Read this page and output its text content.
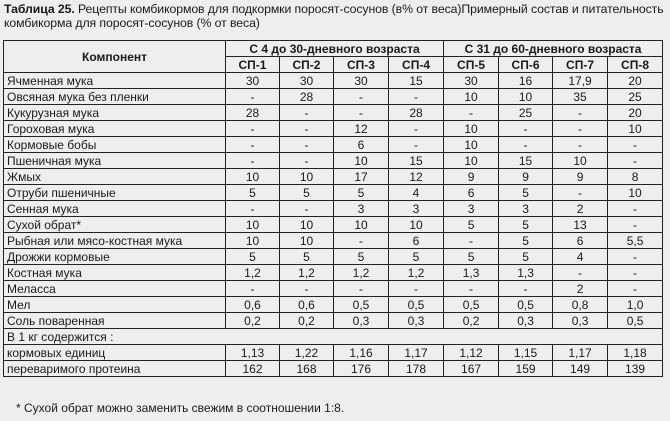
Таблица 25. Рецепты комбикормов для подкормки поросят-сосунов (в% от веса)Примерный состав и питательность комбикорма для поросят-сосунов (% от веса)
Компонент	С 4 до 30-дневного возраста				С 31 до 60-дневного возраста			
	СП-1	СП-2	СП-3	СП-4	СП-5	СП-6	СП-7	СП-8
Ячменная мука	30	30	30	15	30	16	17,9	20
Овсяная мука без пленки	-	28	-	-	10	10	35	25
Кукурузная мука	28	-	-	28	-	25	-	20
Гороховая мука	-	-	12	-	10	-	-	10
Кормовые бобы	-	-	6	-	10	-	-	-
Пшеничная мука	-	-	10	15	10	15	10	-
Жмых	10	10	17	12	9	9	9	8
Отруби пшеничные	5	5	5	4	6	5	-	10
Сенная мука	-	-	3	3	3	3	2	-
Сухой обрат*	10	10	10	10	5	5	13	-
Рыбная или мясо-костная мука	10	10	-	6	-	5	6	5,5
Дрожжи кормовые	5	5	5	5	5	5	4	-
Костная мука	1,2	1,2	1,2	1,2	1,3	1,3	-	-
Меласса	-	-	-	-	-	-	2	-
Мел	0,6	0,6	0,5	0,5	0,5	0,5	0,8	1,0
Соль поваренная	0,2	0,2	0,3	0,3	0,2	0,3	0,3	0,5
В 1 кг содержится :								
кормовых единиц	1,13	1,22	1,16	1,17	1,12	1,15	1,17	1,18
переваримого протеина	162	168	176	178	167	159	149	139
* Сухой обрат можно заменить свежим в соотношении 1:8.
